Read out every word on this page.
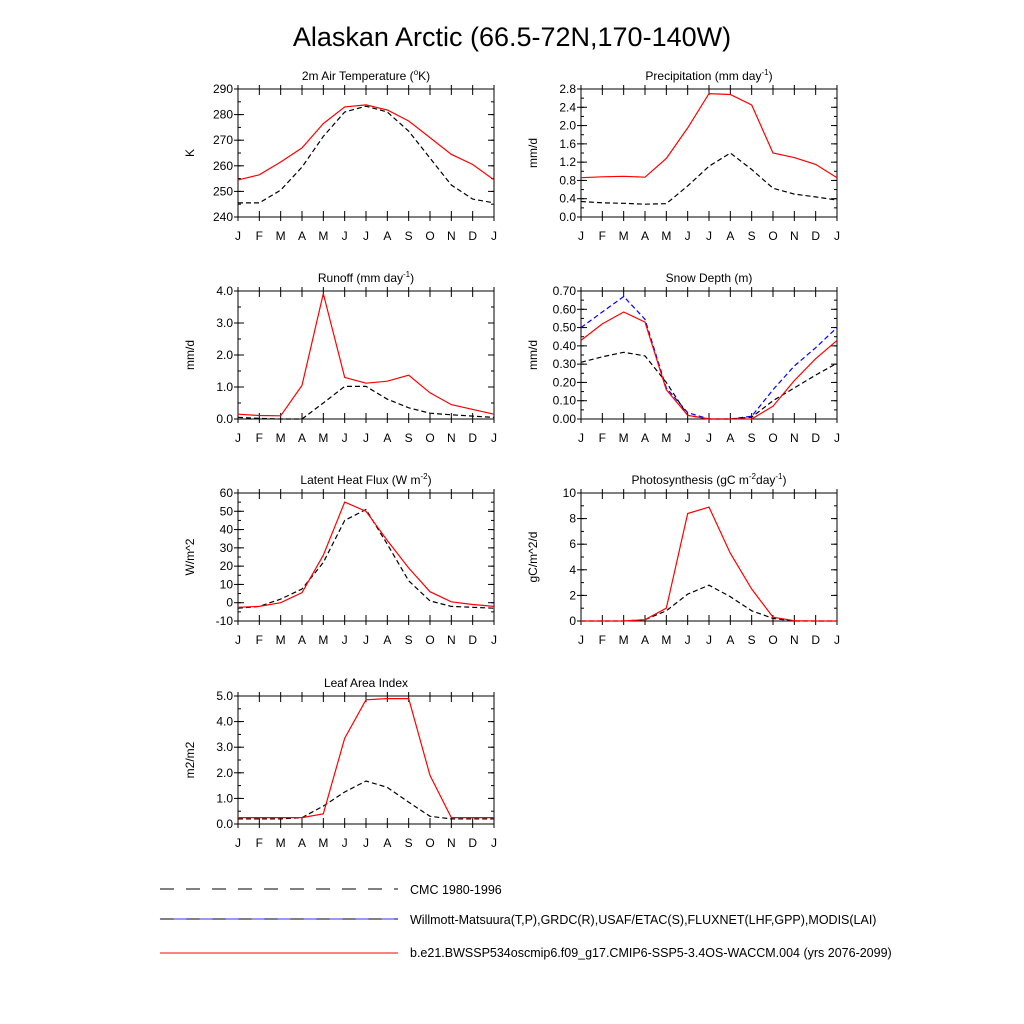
Alaskan Arctic (66.5-72N,170-140W)
240
250
260
270
280
290
J F M A M J J A S O N D J
K
2m Air Temperature ($^o$K)
0.0
0.4
0.8
1.2
1.6
2.0
2.4
2.8
J F M A M J J A S O N D J
mm/d
Precipitation (mm day$^{-1}$)
0.0
1.0
2.0
3.0
4.0
J F M A M J J A S O N D J
mm/d
Runoff (mm day$^{-1}$)
0.00
0.10
0.20
0.30
0.40
0.50
0.60
0.70
J F M A M J J A S O N D J
mm/d
Snow Depth (m)
-10
0
10
20
30
40
50
60
J F M A M J J A S O N D J
W/m^2
Latent Heat Flux (W $m^{-2}$)
0
2
4
6
8
10
J F M A M J J A S O N D J
gC/m^2/d
Photosynthesis (gC $m^{-2}day^{-1}$)
0.0
1.0
2.0
3.0
4.0
5.0
J F M A M J J A S O N D J
m2/m2
Leaf Area Index
CMC 1980-1996
Willmott-Matsuura(T,P),GRDC(R),USAF/ETAC(S),FLUXNET(LHF,GPP),MODIS(LAI)
b.e21.BWSSP534oscmip6.f09_g17.CMIP6-SSP5-3.4OS-WACCM.004 (yrs 2076-2099)
